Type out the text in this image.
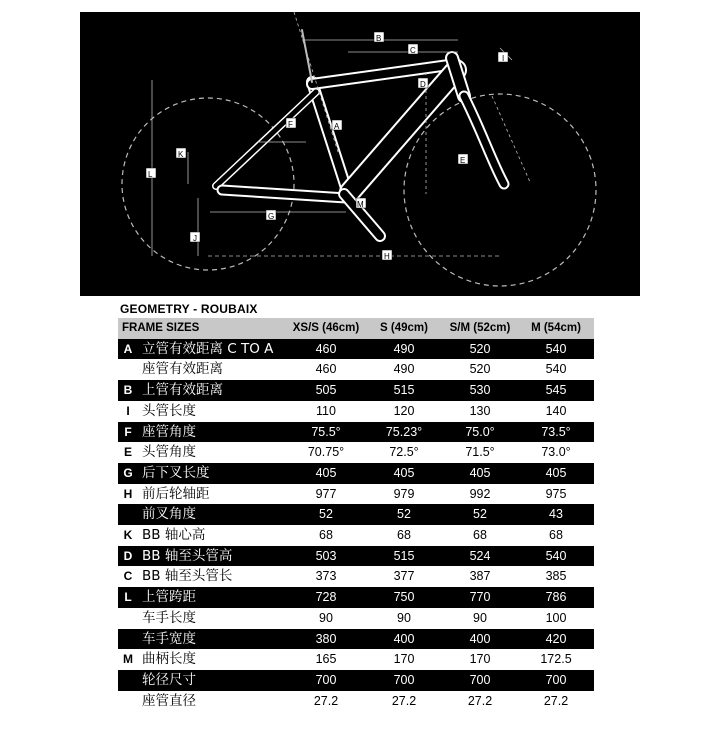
B
C
I
D
A
F
K
L
E
M
G
J
H
GEOMETRY - ROUBAIX
FRAME SIZES		XS/S (46cm)	S (49cm)	S/M (52cm)	M (54cm)
A	立管有效距离 C TO A	460	490	520	540
	座管有效距离	460	490	520	540
B	上管有效距离	505	515	530	545
I	头管长度	110	120	130	140
F	座管角度	75.5°	75.23°	75.0°	73.5°
E	头管角度	70.75°	72.5°	71.5°	73.0°
G	后下叉长度	405	405	405	405
H	前后轮轴距	977	979	992	975
	前叉角度	52	52	52	43
K	BB 轴心高	68	68	68	68
D	BB 轴至头管高	503	515	524	540
C	BB 轴至头管长	373	377	387	385
L	上管跨距	728	750	770	786
	车手长度	90	90	90	100
	车手宽度	380	400	400	420
M	曲柄长度	165	170	170	172.5
	轮径尺寸	700	700	700	700
	座管直径	27.2	27.2	27.2	27.2
